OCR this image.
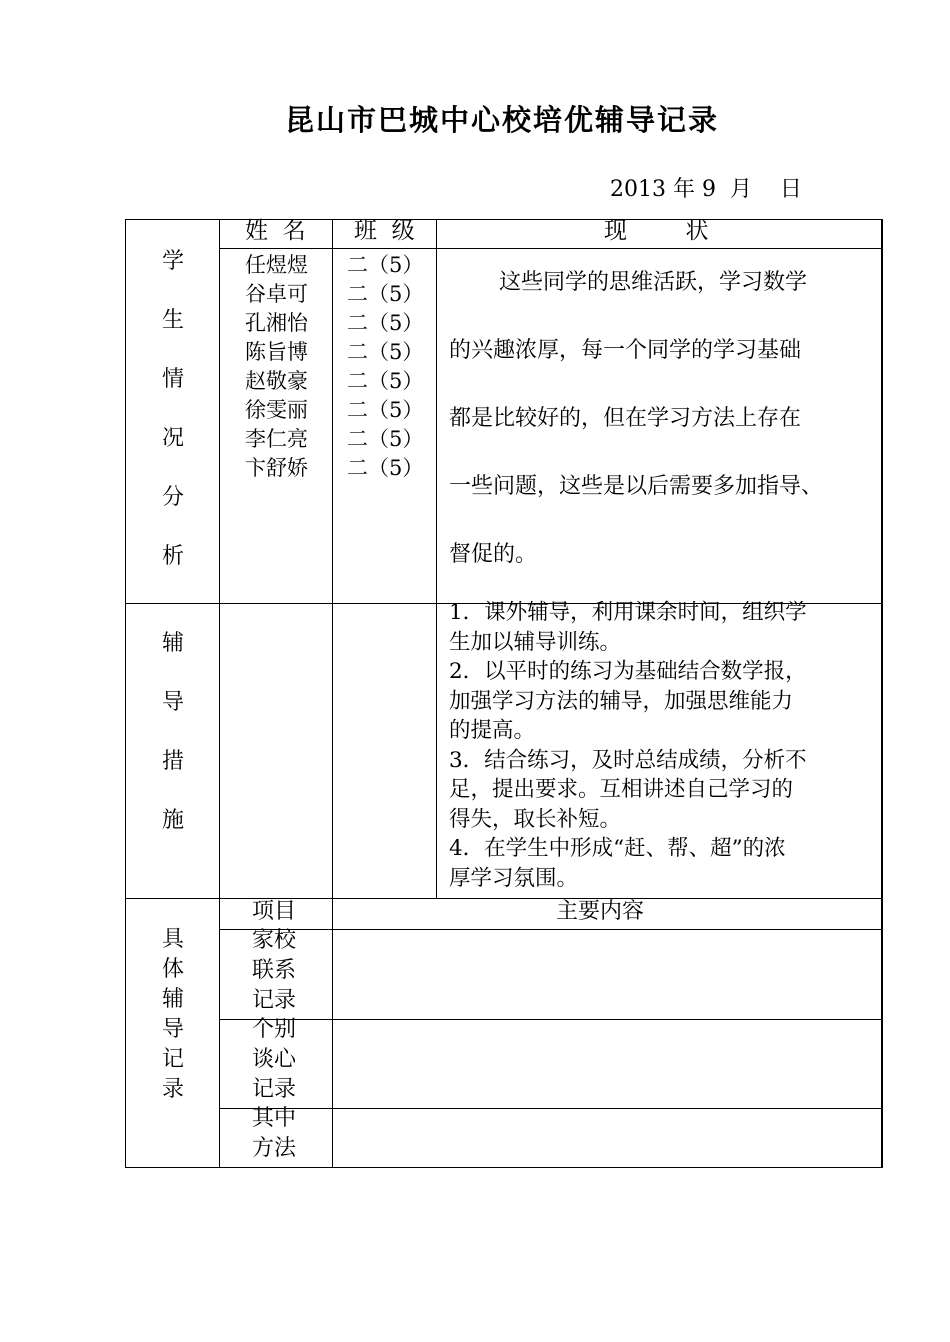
昆山市巴城中心校培优辅导记录
2013 年 9  月    日
学
生
情
况
分
析
姓  名 班  级	现        状
任煜煜
谷卓可
孔湘怡
陈旨博
赵敬豪
徐雯丽
李仁亮
卞舒娇
二（5）
二（5）
二（5）
二（5）
二（5）
二（5）
二（5）
二（5）
这些同学的思维活跃，学习数学
的兴趣浓厚，每一个同学的学习基础
都是比较好的，但在学习方法上存在
一些问题，这些是以后需要多加指导、
督促的。
辅
导
措
施
1．课外辅导，利用课余时间，组织学
生加以辅导训练。
2．以平时的练习为基础结合数学报，
加强学习方法的辅导，加强思维能力
的提高。
3．结合练习，及时总结成绩，分析不
足，提出要求。互相讲述自己学习的
得失，取长补短。
4．在学生中形成“赶、帮、超”的浓
厚学习氛围。
具
体
辅
导
记
录
项目	主要内容
家校
联系
记录
个别
谈心
记录
其中
方法
